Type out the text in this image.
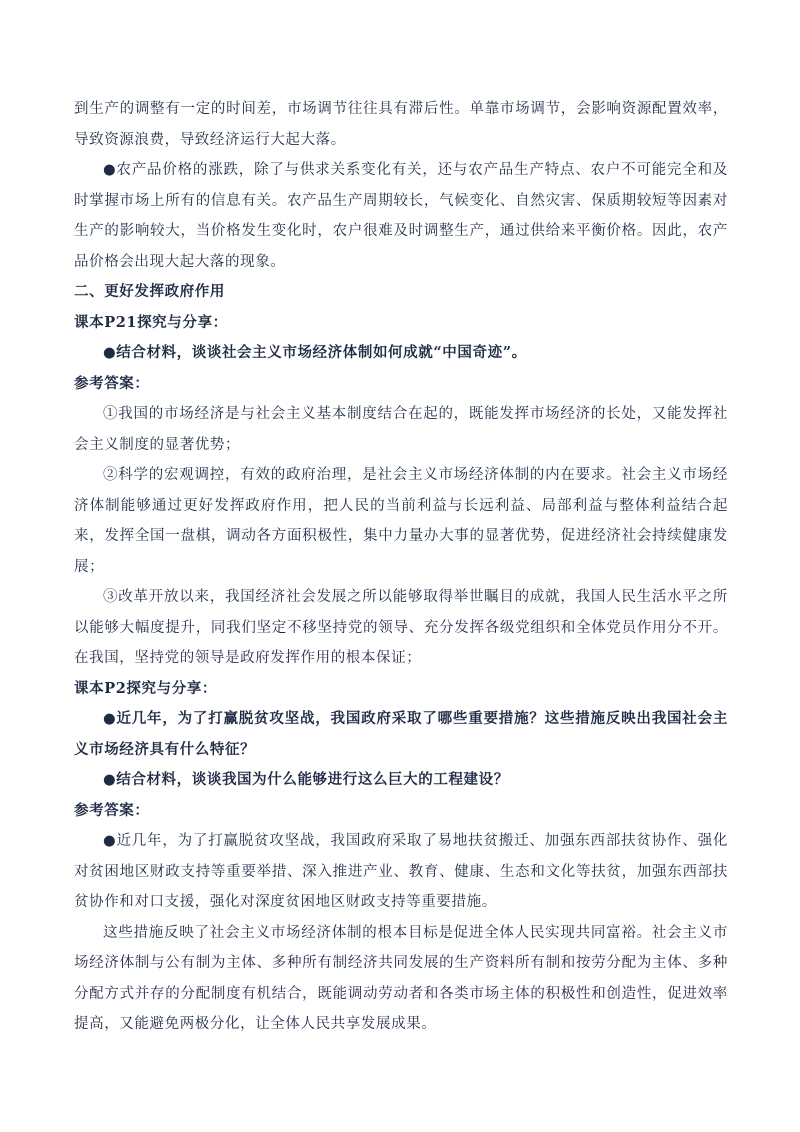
到生产的调整有一定的时间差，市场调节往往具有滞后性。单靠市场调节，会影响资源配置效率，导致资源浪费，导致经济运行大起大落。

●农产品价格的涨跌，除了与供求关系变化有关，还与农产品生产特点、农户不可能完全和及时掌握市场上所有的信息有关。农产品生产周期较长，气候变化、自然灾害、保质期较短等因素对生产的影响较大，当价格发生变化时，农户很难及时调整生产，通过供给来平衡价格。因此，农产品价格会出现大起大落的现象。

二、更好发挥政府作用

课本P21探究与分享：

●结合材料，谈谈社会主义市场经济体制如何成就“中国奇迹”。

参考答案：

①我国的市场经济是与社会主义基本制度结合在起的，既能发挥市场经济的长处，又能发挥社会主义制度的显著优势；

②科学的宏观调控，有效的政府治理，是社会主义市场经济体制的内在要求。社会主义市场经济体制能够通过更好发挥政府作用，把人民的当前利益与长远利益、局部利益与整体利益结合起来，发挥全国一盘棋，调动各方面积极性，集中力量办大事的显著优势，促进经济社会持续健康发展；

③改革开放以来，我国经济社会发展之所以能够取得举世瞩目的成就，我国人民生活水平之所以能够大幅度提升，同我们坚定不移坚持党的领导、充分发挥各级党组织和全体党员作用分不开。在我国，坚持党的领导是政府发挥作用的根本保证；

课本P2探究与分享：

●近几年，为了打赢脱贫攻坚战，我国政府采取了哪些重要措施？这些措施反映出我国社会主义市场经济具有什么特征？

●结合材料，谈谈我国为什么能够进行这么巨大的工程建设？

参考答案：

●近几年，为了打赢脱贫攻坚战，我国政府采取了易地扶贫搬迁、加强东西部扶贫协作、强化对贫困地区财政支持等重要举措、深入推进产业、教育、健康、生态和文化等扶贫，加强东西部扶贫协作和对口支援，强化对深度贫困地区财政支持等重要措施。

这些措施反映了社会主义市场经济体制的根本目标是促进全体人民实现共同富裕。社会主义市场经济体制与公有制为主体、多种所有制经济共同发展的生产资料所有制和按劳分配为主体、多种分配方式并存的分配制度有机结合，既能调动劳动者和各类市场主体的积极性和创造性，促进效率提高，又能避免两极分化，让全体人民共享发展成果。
